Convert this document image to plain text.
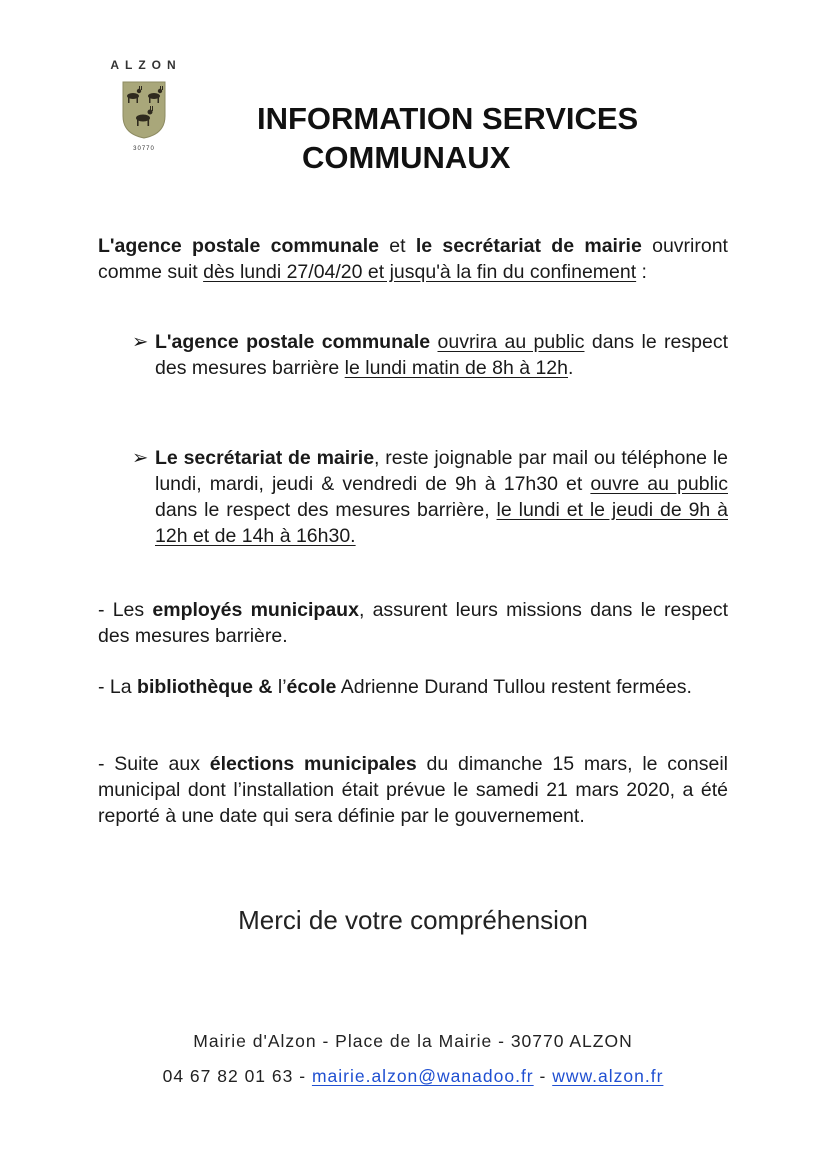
ALZON
30770
INFORMATION SERVICES
COMMUNAUX
L'agence postale communale et le secrétariat de mairie ouvriront comme suit dès lundi 27/04/20 et jusqu'à la fin du confinement :
➢ L'agence postale communale ouvrira au public dans le respect des mesures barrière le lundi matin de 8h à 12h.
➢ Le secrétariat de mairie, reste joignable par mail ou téléphone le lundi, mardi, jeudi & vendredi de 9h à 17h30 et ouvre au public dans le respect des mesures barrière, le lundi et le jeudi de 9h à 12h et de 14h à 16h30.
- Les employés municipaux, assurent leurs missions dans le respect des mesures barrière.
- La bibliothèque & l’école Adrienne Durand Tullou restent fermées.
- Suite aux élections municipales du dimanche 15 mars, le conseil municipal dont l’installation était prévue le samedi 21 mars 2020, a été reporté à une date qui sera définie par le gouvernement.
Merci de votre compréhension
Mairie d'Alzon - Place de la Mairie - 30770 ALZON
04 67 82 01 63 - mairie.alzon@wanadoo.fr - www.alzon.fr
